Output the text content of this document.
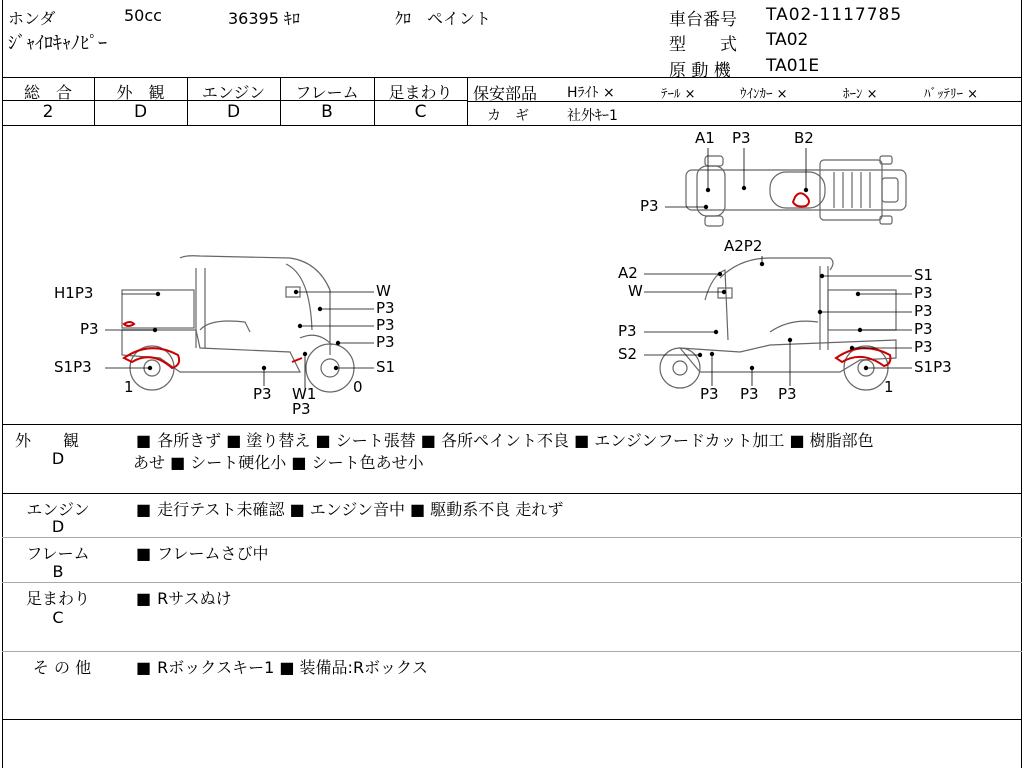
ホンダ	50cc	36395 ｷﾛ	ｸﾛ　ペイント
ｼﾞｬｲﾛｷｬﾉﾋﾟｰ
車台番号 TA02-1117785
型　　式 TA02
原 動 機 TA01E
総　合
2
外　観
D
エンジン
D
フレーム
B
足まわり
C
保安部品 Hﾗｲﾄ ×	ﾃｰﾙ ×	ｳｲﾝｶｰ ×	ﾎｰﾝ ×	ﾊﾞｯﾃﾘｰ ×
カ　ギ	社外ｷｰ1
A1 P3	B2
P3
H1P3
P3
S1P3
1
W
P3
P3
P3
S1
P3 W1
P3
0
A2P2
A2
W
P3
S2
S1
P3
P3
P3
P3
S1P3
P3 P3 P3	1
外　　観
D
■ 各所きず ■ 塗り替え ■ シート張替 ■ 各所ペイント不良 ■ エンジンフードカット加工 ■ 樹脂部色
あせ ■ シート硬化小 ■ シート色あせ小
エンジン
D
■ 走行テスト未確認 ■ エンジン音中 ■ 駆動系不良 走れず
フレーム
B
■ フレームさび中
足まわり
C
■ Rサスぬけ
そ の 他
■	Rボックスキー1 ■ 装備品:Rボックス
